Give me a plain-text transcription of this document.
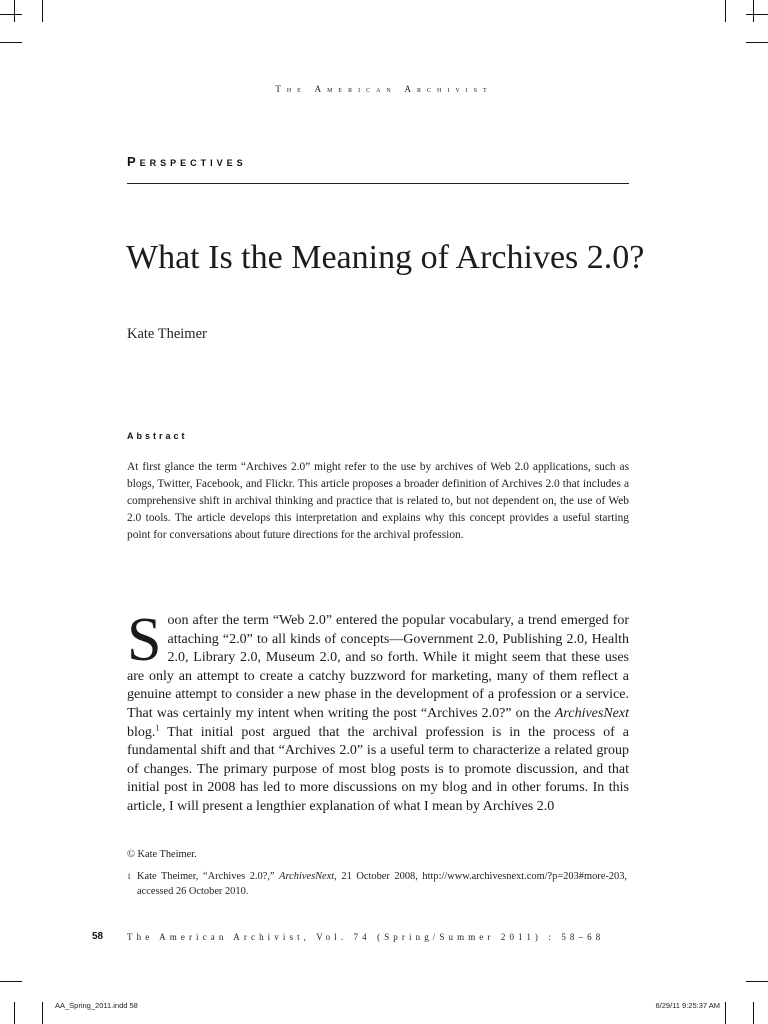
The American Archivist
Perspectives
What Is the Meaning of Archives 2.0?
Kate Theimer
Abstract

At first glance the term “Archives 2.0” might refer to the use by archives of Web 2.0 applications, such as blogs, Twitter, Facebook, and Flickr. This article proposes a broader definition of Archives 2.0 that includes a comprehensive shift in archival thinking and practice that is related to, but not dependent on, the use of Web 2.0 tools. The article develops this interpretation and explains why this concept provides a useful starting point for conversations about future directions for the archival profession.

Soon after the term “Web 2.0” entered the popular vocabulary, a trend emerged for attaching “2.0” to all kinds of concepts—Government 2.0, Publishing 2.0, Health 2.0, Library 2.0, Museum 2.0, and so forth. While it might seem that these uses are only an attempt to create a catchy buzzword for marketing, many of them reflect a genuine attempt to consider a new phase in the development of a profession or a service. That was certainly my intent when writing the post “Archives 2.0?” on the ArchivesNext blog.$^1$ That initial post argued that the archival profession is in the process of a fundamental shift and that “Archives 2.0” is a useful term to characterize a related group of changes. The primary purpose of most blog posts is to promote discussion, and that initial post in 2008 has led to more discussions on my blog and in other forums. In this article, I will present a lengthier explanation of what I mean by Archives 2.0

© Kate Theimer.
1 Kate Theimer, “Archives 2.0?,” ArchivesNext, 21 October 2008, http://www.archivesnext.com/?p=203#more-203, accessed 26 October 2010.
58	The American Archivist, Vol. 74 (Spring/Summer 2011) : 58–68
AA_Spring_2011.indd 58	6/29/11 9:25:37 AM
